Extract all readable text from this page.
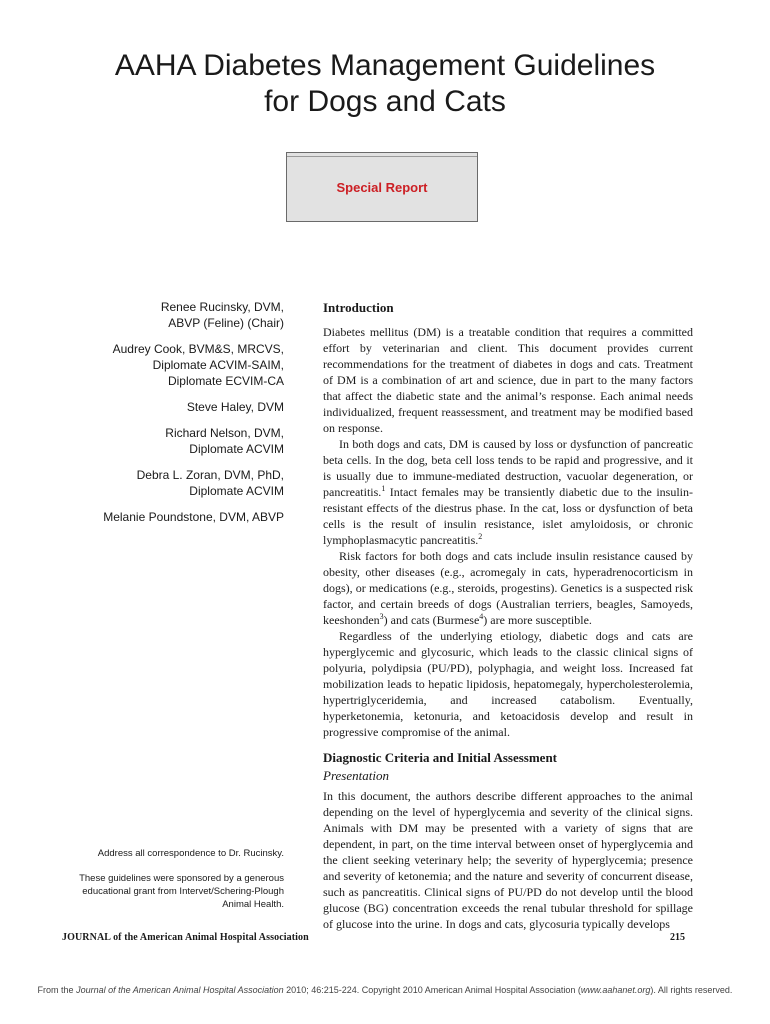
AAHA Diabetes Management Guidelines
for Dogs and Cats
Special Report
Renee Rucinsky, DVM,
ABVP (Feline) (Chair)
Audrey Cook, BVM&S, MRCVS,
Diplomate ACVIM-SAIM,
Diplomate ECVIM-CA
Steve Haley, DVM
Richard Nelson, DVM,
Diplomate ACVIM
Debra L. Zoran, DVM, PhD,
Diplomate ACVIM
Melanie Poundstone, DVM, ABVP

Address all correspondence to Dr. Rucinsky.

These guidelines were sponsored by a generous educational grant from Intervet/Schering-Plough Animal Health.

Introduction

Diabetes mellitus (DM) is a treatable condition that requires a committed effort by veterinarian and client. This document provides current recommendations for the treatment of diabetes in dogs and cats. Treatment of DM is a combination of art and science, due in part to the many factors that affect the diabetic state and the animal’s response. Each animal needs individualized, frequent reassessment, and treatment may be modified based on response.

In both dogs and cats, DM is caused by loss or dysfunction of pancreatic beta cells. In the dog, beta cell loss tends to be rapid and progressive, and it is usually due to immune-mediated destruction, vacuolar degeneration, or pancreatitis.$^1$ Intact females may be transiently diabetic due to the insulin-resistant effects of the diestrus phase. In the cat, loss or dysfunction of beta cells is the result of insulin resistance, islet amyloidosis, or chronic lymphoplasmacytic pancreatitis.$^2$

Risk factors for both dogs and cats include insulin resistance caused by obesity, other diseases (e.g., acromegaly in cats, hyperadrenocorticism in dogs), or medications (e.g., steroids, progestins). Genetics is a suspected risk factor, and certain breeds of dogs (Australian terriers, beagles, Samoyeds, keeshonden$^3$) and cats (Burmese$^4$) are more susceptible.

Regardless of the underlying etiology, diabetic dogs and cats are hyperglycemic and glycosuric, which leads to the classic clinical signs of polyuria, polydipsia (PU/PD), polyphagia, and weight loss. Increased fat mobilization leads to hepatic lipidosis, hepatomegaly, hypercholesterolemia, hypertriglyceridemia, and increased catabolism. Eventually, hyperketonemia, ketonuria, and ketoacidosis develop and result in progressive compromise of the animal.

Diagnostic Criteria and Initial Assessment
Presentation

In this document, the authors describe different approaches to the animal depending on the level of hyperglycemia and severity of the clinical signs. Animals with DM may be presented with a variety of signs that are dependent, in part, on the time interval between onset of hyperglycemia and the client seeking veterinary help; the severity of hyperglycemia; presence and severity of ketonemia; and the nature and severity of concurrent disease, such as pancreatitis. Clinical signs of PU/PD do not develop until the blood glucose (BG) concentration exceeds the renal tubular threshold for spillage of glucose into the urine. In dogs and cats, glycosuria typically develops

JOURNAL of the American Animal Hospital Association	215
From the Journal of the American Animal Hospital Association 2010; 46:215-224. Copyright 2010 American Animal Hospital Association (www.aahanet.org). All rights reserved.
